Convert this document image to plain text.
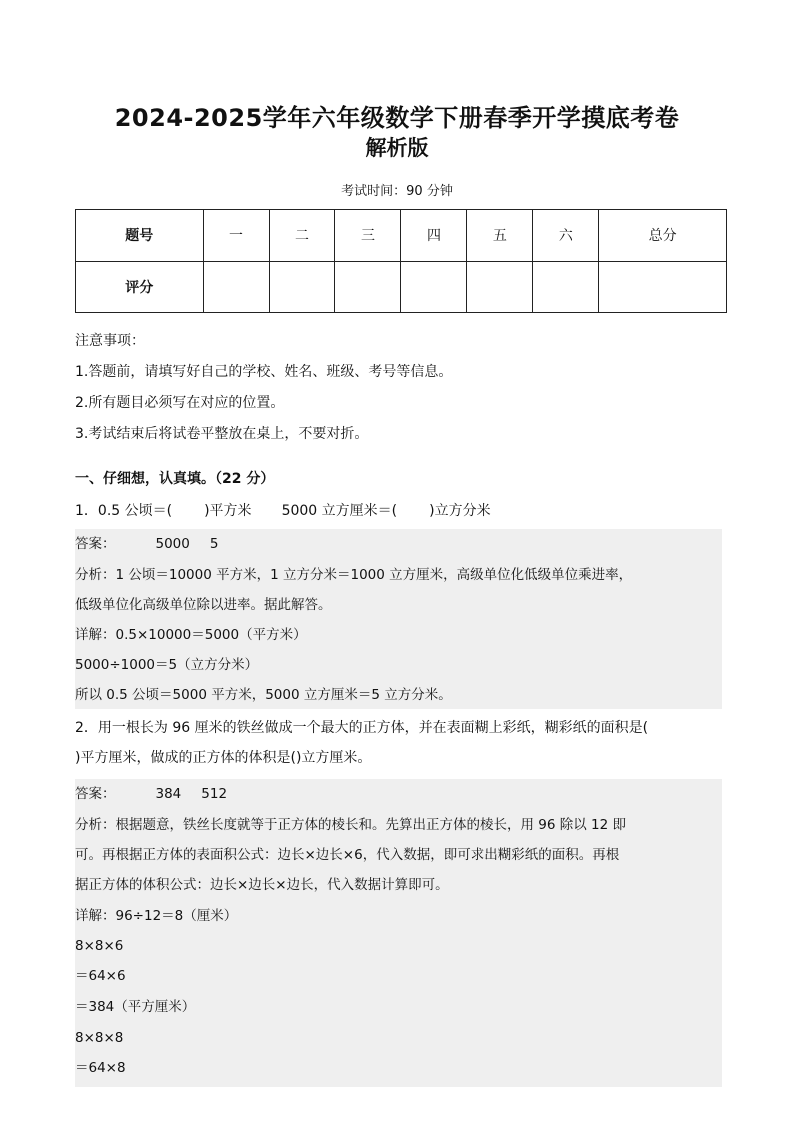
2024-2025学年六年级数学下册春季开学摸底考卷
解析版
考试时间：90 分钟
题号	一	二	三	四	五	六	总分
评分							
注意事项：
1.答题前，请填写好自己的学校、姓名、班级、考号等信息。
2.所有题目必须写在对应的位置。
3.考试结束后将试卷平整放在桌上，不要对折。
一、仔细想，认真填。（22 分）
1．0.5 公顷＝( )平方米 5000 立方厘米＝( )立方分米
答案：	5000 5
分析：1 公顷＝10000 平方米，1 立方分米＝1000 立方厘米，高级单位化低级单位乘进率，
低级单位化高级单位除以进率。据此解答。
详解：0.5×10000＝5000（平方米）
5000÷1000＝5（立方分米）
所以 0.5 公顷＝5000 平方米，5000 立方厘米＝5 立方分米。
2．用一根长为 96 厘米的铁丝做成一个最大的正方体，并在表面糊上彩纸，糊彩纸的面积是(
)平方厘米，做成的正方体的体积是()立方厘米。
答案：	384 512
分析：根据题意，铁丝长度就等于正方体的棱长和。先算出正方体的棱长，用 96 除以 12 即
可。再根据正方体的表面积公式：边长×边长×6，代入数据，即可求出糊彩纸的面积。再根
据正方体的体积公式：边长×边长×边长，代入数据计算即可。
详解：96÷12＝8（厘米）
8×8×6
＝64×6
＝384（平方厘米）
8×8×8
＝64×8
